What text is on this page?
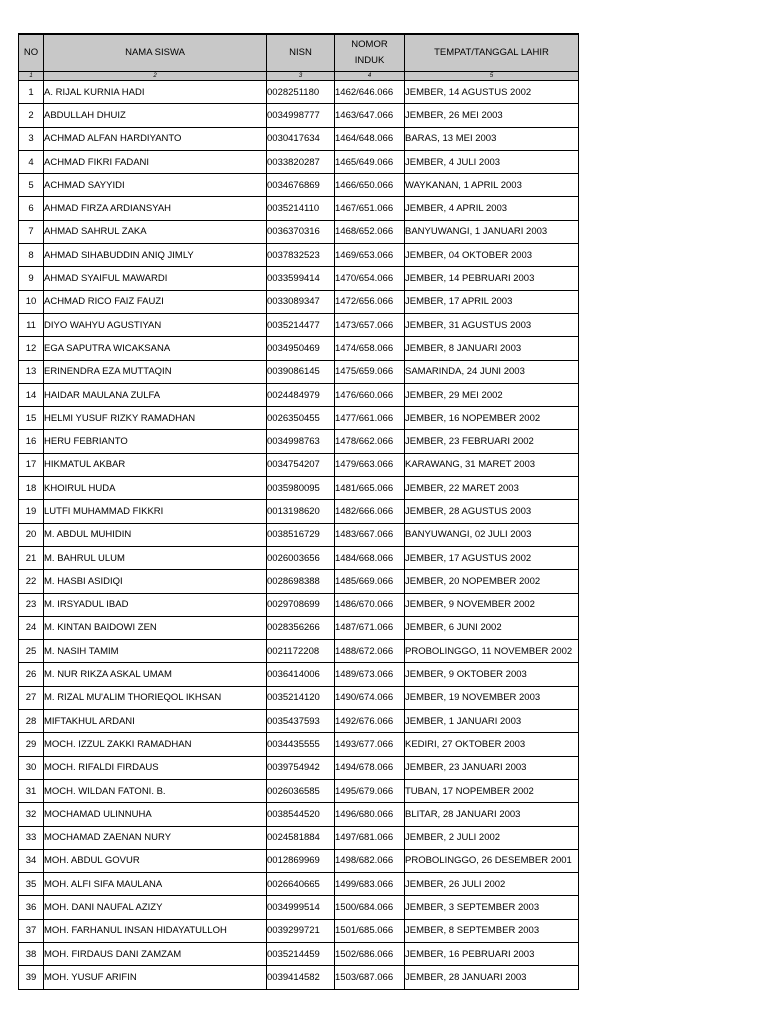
NO	NAMA SISWA	NISN	NOMOR INDUK	TEMPAT/TANGGAL LAHIR
1	2	3	4	5
1	A. RIJAL KURNIA HADI	0028251180	1462/646.066	JEMBER, 14 AGUSTUS 2002
2	ABDULLAH DHUIZ	0034998777	1463/647.066	JEMBER, 26 MEI 2003
3	ACHMAD ALFAN HARDIYANTO	0030417634	1464/648.066	BARAS, 13 MEI 2003
4	ACHMAD FIKRI FADANI	0033820287	1465/649.066	JEMBER, 4 JULI 2003
5	ACHMAD SAYYIDI	0034676869	1466/650.066	WAYKANAN, 1 APRIL 2003
6	AHMAD FIRZA ARDIANSYAH	0035214110	1467/651.066	JEMBER, 4 APRIL 2003
7	AHMAD SAHRUL ZAKA	0036370316	1468/652.066	BANYUWANGI, 1 JANUARI 2003
8	AHMAD SIHABUDDIN ANIQ JIMLY	0037832523	1469/653.066	JEMBER, 04 OKTOBER 2003
9	AHMAD SYAIFUL MAWARDI	0033599414	1470/654.066	JEMBER, 14 PEBRUARI 2003
10	ACHMAD RICO FAIZ FAUZI	0033089347	1472/656.066	JEMBER, 17 APRIL 2003
11	DIYO WAHYU AGUSTIYAN	0035214477	1473/657.066	JEMBER, 31 AGUSTUS 2003
12	EGA SAPUTRA WICAKSANA	0034950469	1474/658.066	JEMBER, 8 JANUARI 2003
13	ERINENDRA EZA MUTTAQIN	0039086145	1475/659.066	SAMARINDA, 24 JUNI 2003
14	HAIDAR MAULANA ZULFA	0024484979	1476/660.066	JEMBER, 29 MEI 2002
15	HELMI YUSUF RIZKY RAMADHAN	0026350455	1477/661.066	JEMBER, 16 NOPEMBER 2002
16	HERU FEBRIANTO	0034998763	1478/662.066	JEMBER, 23 FEBRUARI 2002
17	HIKMATUL AKBAR	0034754207	1479/663.066	KARAWANG, 31 MARET 2003
18	KHOIRUL HUDA	0035980095	1481/665.066	JEMBER, 22 MARET 2003
19	LUTFI MUHAMMAD FIKKRI	0013198620	1482/666.066	JEMBER, 28 AGUSTUS 2003
20	M. ABDUL MUHIDIN	0038516729	1483/667.066	BANYUWANGI, 02 JULI 2003
21	M. BAHRUL ULUM	0026003656	1484/668.066	JEMBER, 17 AGUSTUS 2002
22	M. HASBI ASIDIQI	0028698388	1485/669.066	JEMBER, 20 NOPEMBER 2002
23	M. IRSYADUL IBAD	0029708699	1486/670.066	JEMBER, 9 NOVEMBER 2002
24	M. KINTAN BAIDOWI ZEN	0028356266	1487/671.066	JEMBER, 6 JUNI 2002
25	M. NASIH TAMIM	0021172208	1488/672.066	PROBOLINGGO, 11 NOVEMBER 2002
26	M. NUR RIKZA ASKAL UMAM	0036414006	1489/673.066	JEMBER, 9 OKTOBER 2003
27	M. RIZAL MU'ALIM THORIEQOL IKHSAN	0035214120	1490/674.066	JEMBER, 19 NOVEMBER 2003
28	MIFTAKHUL ARDANI	0035437593	1492/676.066	JEMBER, 1 JANUARI 2003
29	MOCH. IZZUL ZAKKI RAMADHAN	0034435555	1493/677.066	KEDIRI, 27 OKTOBER 2003
30	MOCH. RIFALDI FIRDAUS	0039754942	1494/678.066	JEMBER, 23 JANUARI 2003
31	MOCH. WILDAN FATONI. B.	0026036585	1495/679.066	TUBAN, 17 NOPEMBER 2002
32	MOCHAMAD ULINNUHA	0038544520	1496/680.066	BLITAR, 28 JANUARI 2003
33	MOCHAMAD ZAENAN NURY	0024581884	1497/681.066	JEMBER, 2 JULI 2002
34	MOH. ABDUL GOVUR	0012869969	1498/682.066	PROBOLINGGO, 26 DESEMBER 2001
35	MOH. ALFI SIFA MAULANA	0026640665	1499/683.066	JEMBER, 26 JULI 2002
36	MOH. DANI NAUFAL AZIZY	0034999514	1500/684.066	JEMBER, 3 SEPTEMBER 2003
37	MOH. FARHANUL INSAN HIDAYATULLOH	0039299721	1501/685.066	JEMBER, 8 SEPTEMBER 2003
38	MOH. FIRDAUS DANI ZAMZAM	0035214459	1502/686.066	JEMBER, 16 PEBRUARI 2003
39	MOH. YUSUF ARIFIN	0039414582	1503/687.066	JEMBER, 28 JANUARI 2003
